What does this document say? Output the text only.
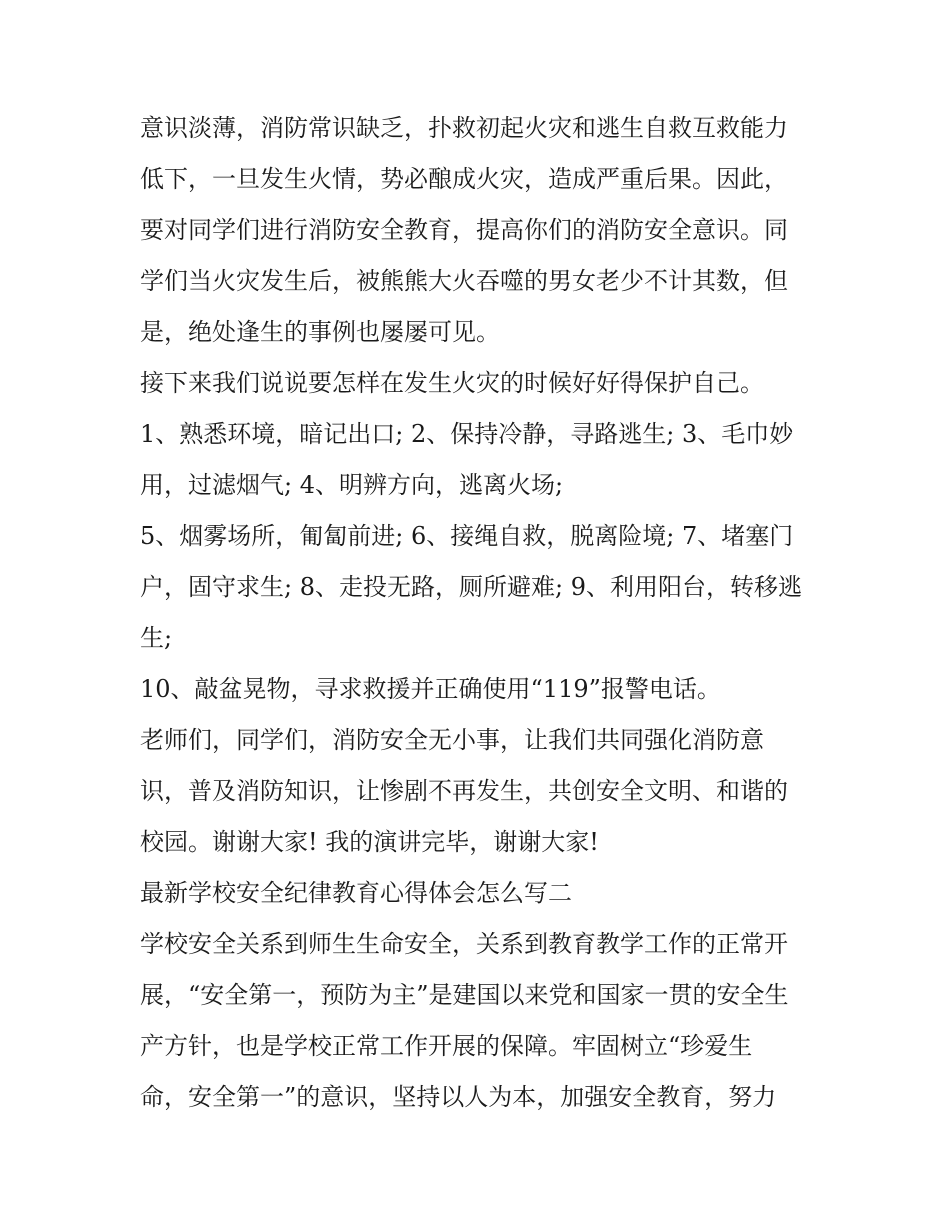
意识淡薄，消防常识缺乏，扑救初起火灾和逃生自救互救能力
低下，一旦发生火情，势必酿成火灾，造成严重后果。因此，
要对同学们进行消防安全教育，提高你们的消防安全意识。同
学们当火灾发生后，被熊熊大火吞噬的男女老少不计其数，但
是，绝处逢生的事例也屡屡可见。
接下来我们说说要怎样在发生火灾的时候好好得保护自己。
1、熟悉环境，暗记出口; 2、保持冷静，寻路逃生; 3、毛巾妙
用，过滤烟气; 4、明辨方向，逃离火场;
5、烟雾场所，匍匐前进; 6、接绳自救，脱离险境; 7、堵塞门
户，固守求生; 8、走投无路，厕所避难; 9、利用阳台，转移逃
生;
10、敲盆晃物，寻求救援并正确使用“119”报警电话。
老师们，同学们，消防安全无小事，让我们共同强化消防意
识，普及消防知识，让惨剧不再发生，共创安全文明、和谐的
校园。谢谢大家! 我的演讲完毕，谢谢大家!
最新学校安全纪律教育心得体会怎么写二
学校安全关系到师生生命安全，关系到教育教学工作的正常开
展，“安全第一，预防为主”是建国以来党和国家一贯的安全生
产方针，也是学校正常工作开展的保障。牢固树立“珍爱生
命，安全第一”的意识，坚持以人为本，加强安全教育，努力
